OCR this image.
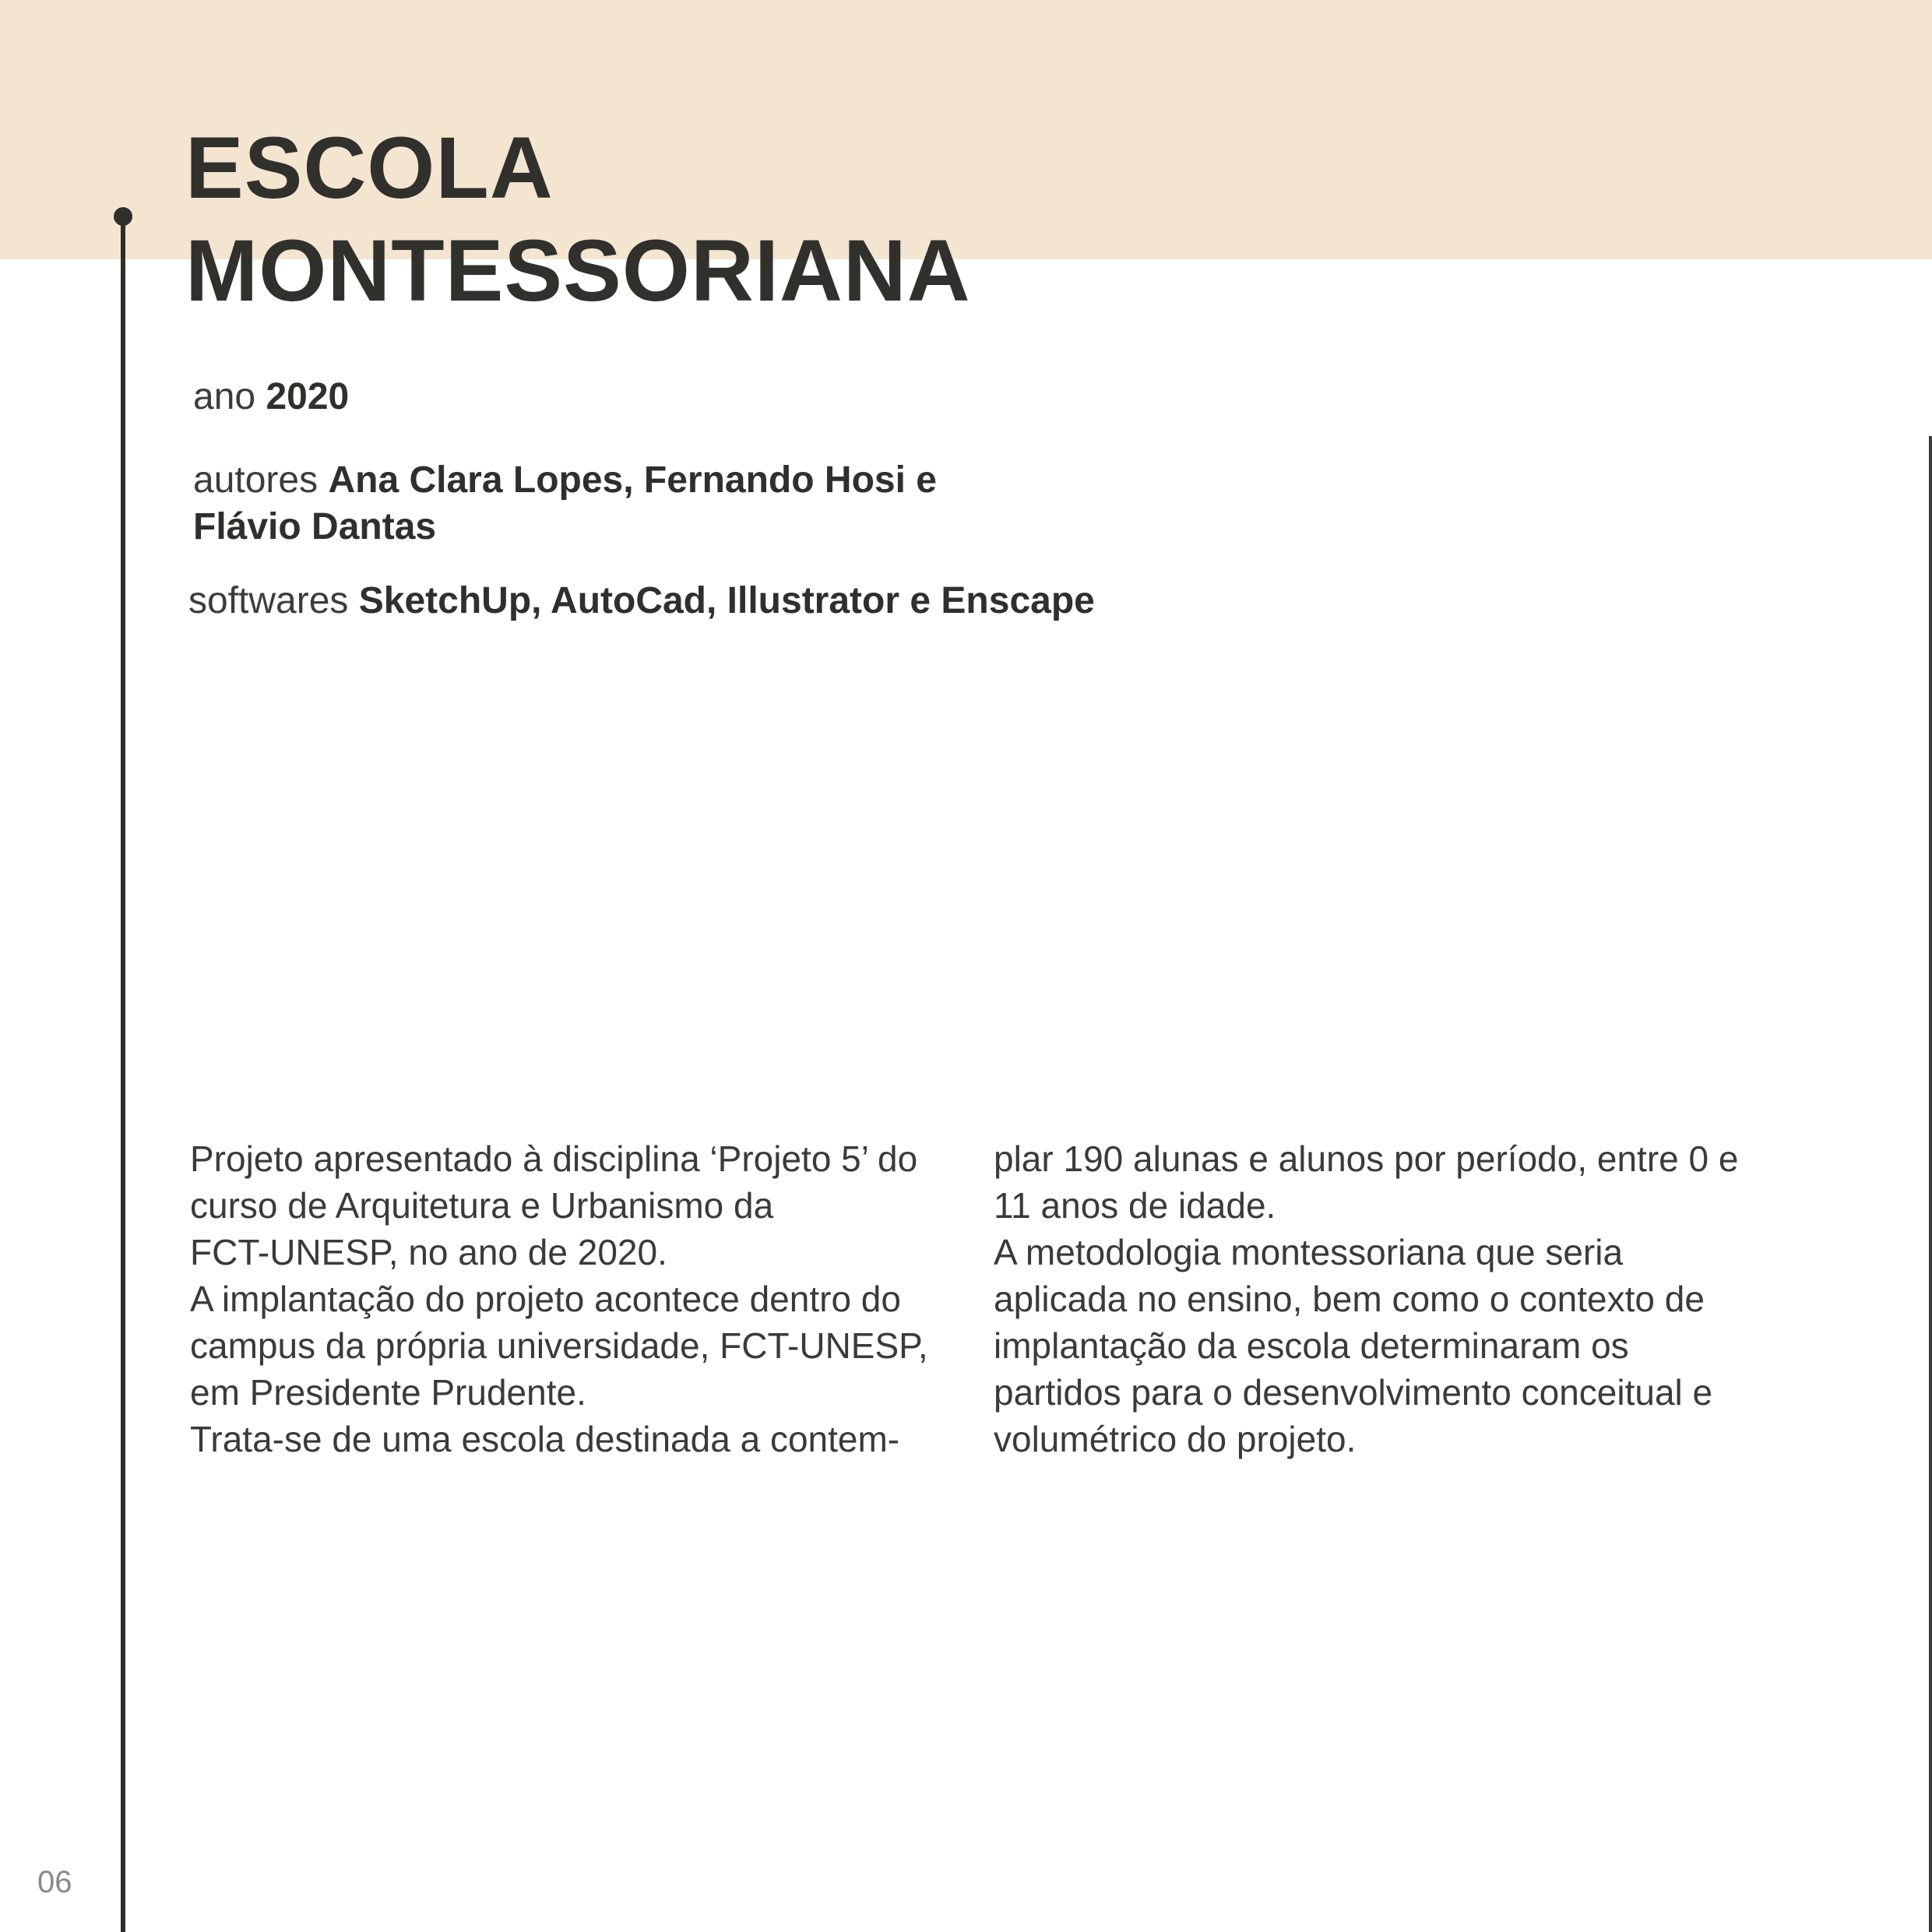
ESCOLA
MONTESSORIANA
ano 2020
autores Ana Clara Lopes, Fernando Hosi e
Flávio Dantas
softwares SketchUp, AutoCad, Illustrator e Enscape
Projeto apresentado à disciplina ‘Projeto 5’ do
curso de Arquitetura e Urbanismo da
FCT-UNESP, no ano de 2020.
A implantação do projeto acontece dentro do
campus da própria universidade, FCT-UNESP,
em Presidente Prudente.
Trata-se de uma escola destinada a contem-
plar 190 alunas e alunos por período, entre 0 e
11 anos de idade.
A metodologia montessoriana que seria
aplicada no ensino, bem como o contexto de
implantação da escola determinaram os
partidos para o desenvolvimento conceitual e
volumétrico do projeto.
06
